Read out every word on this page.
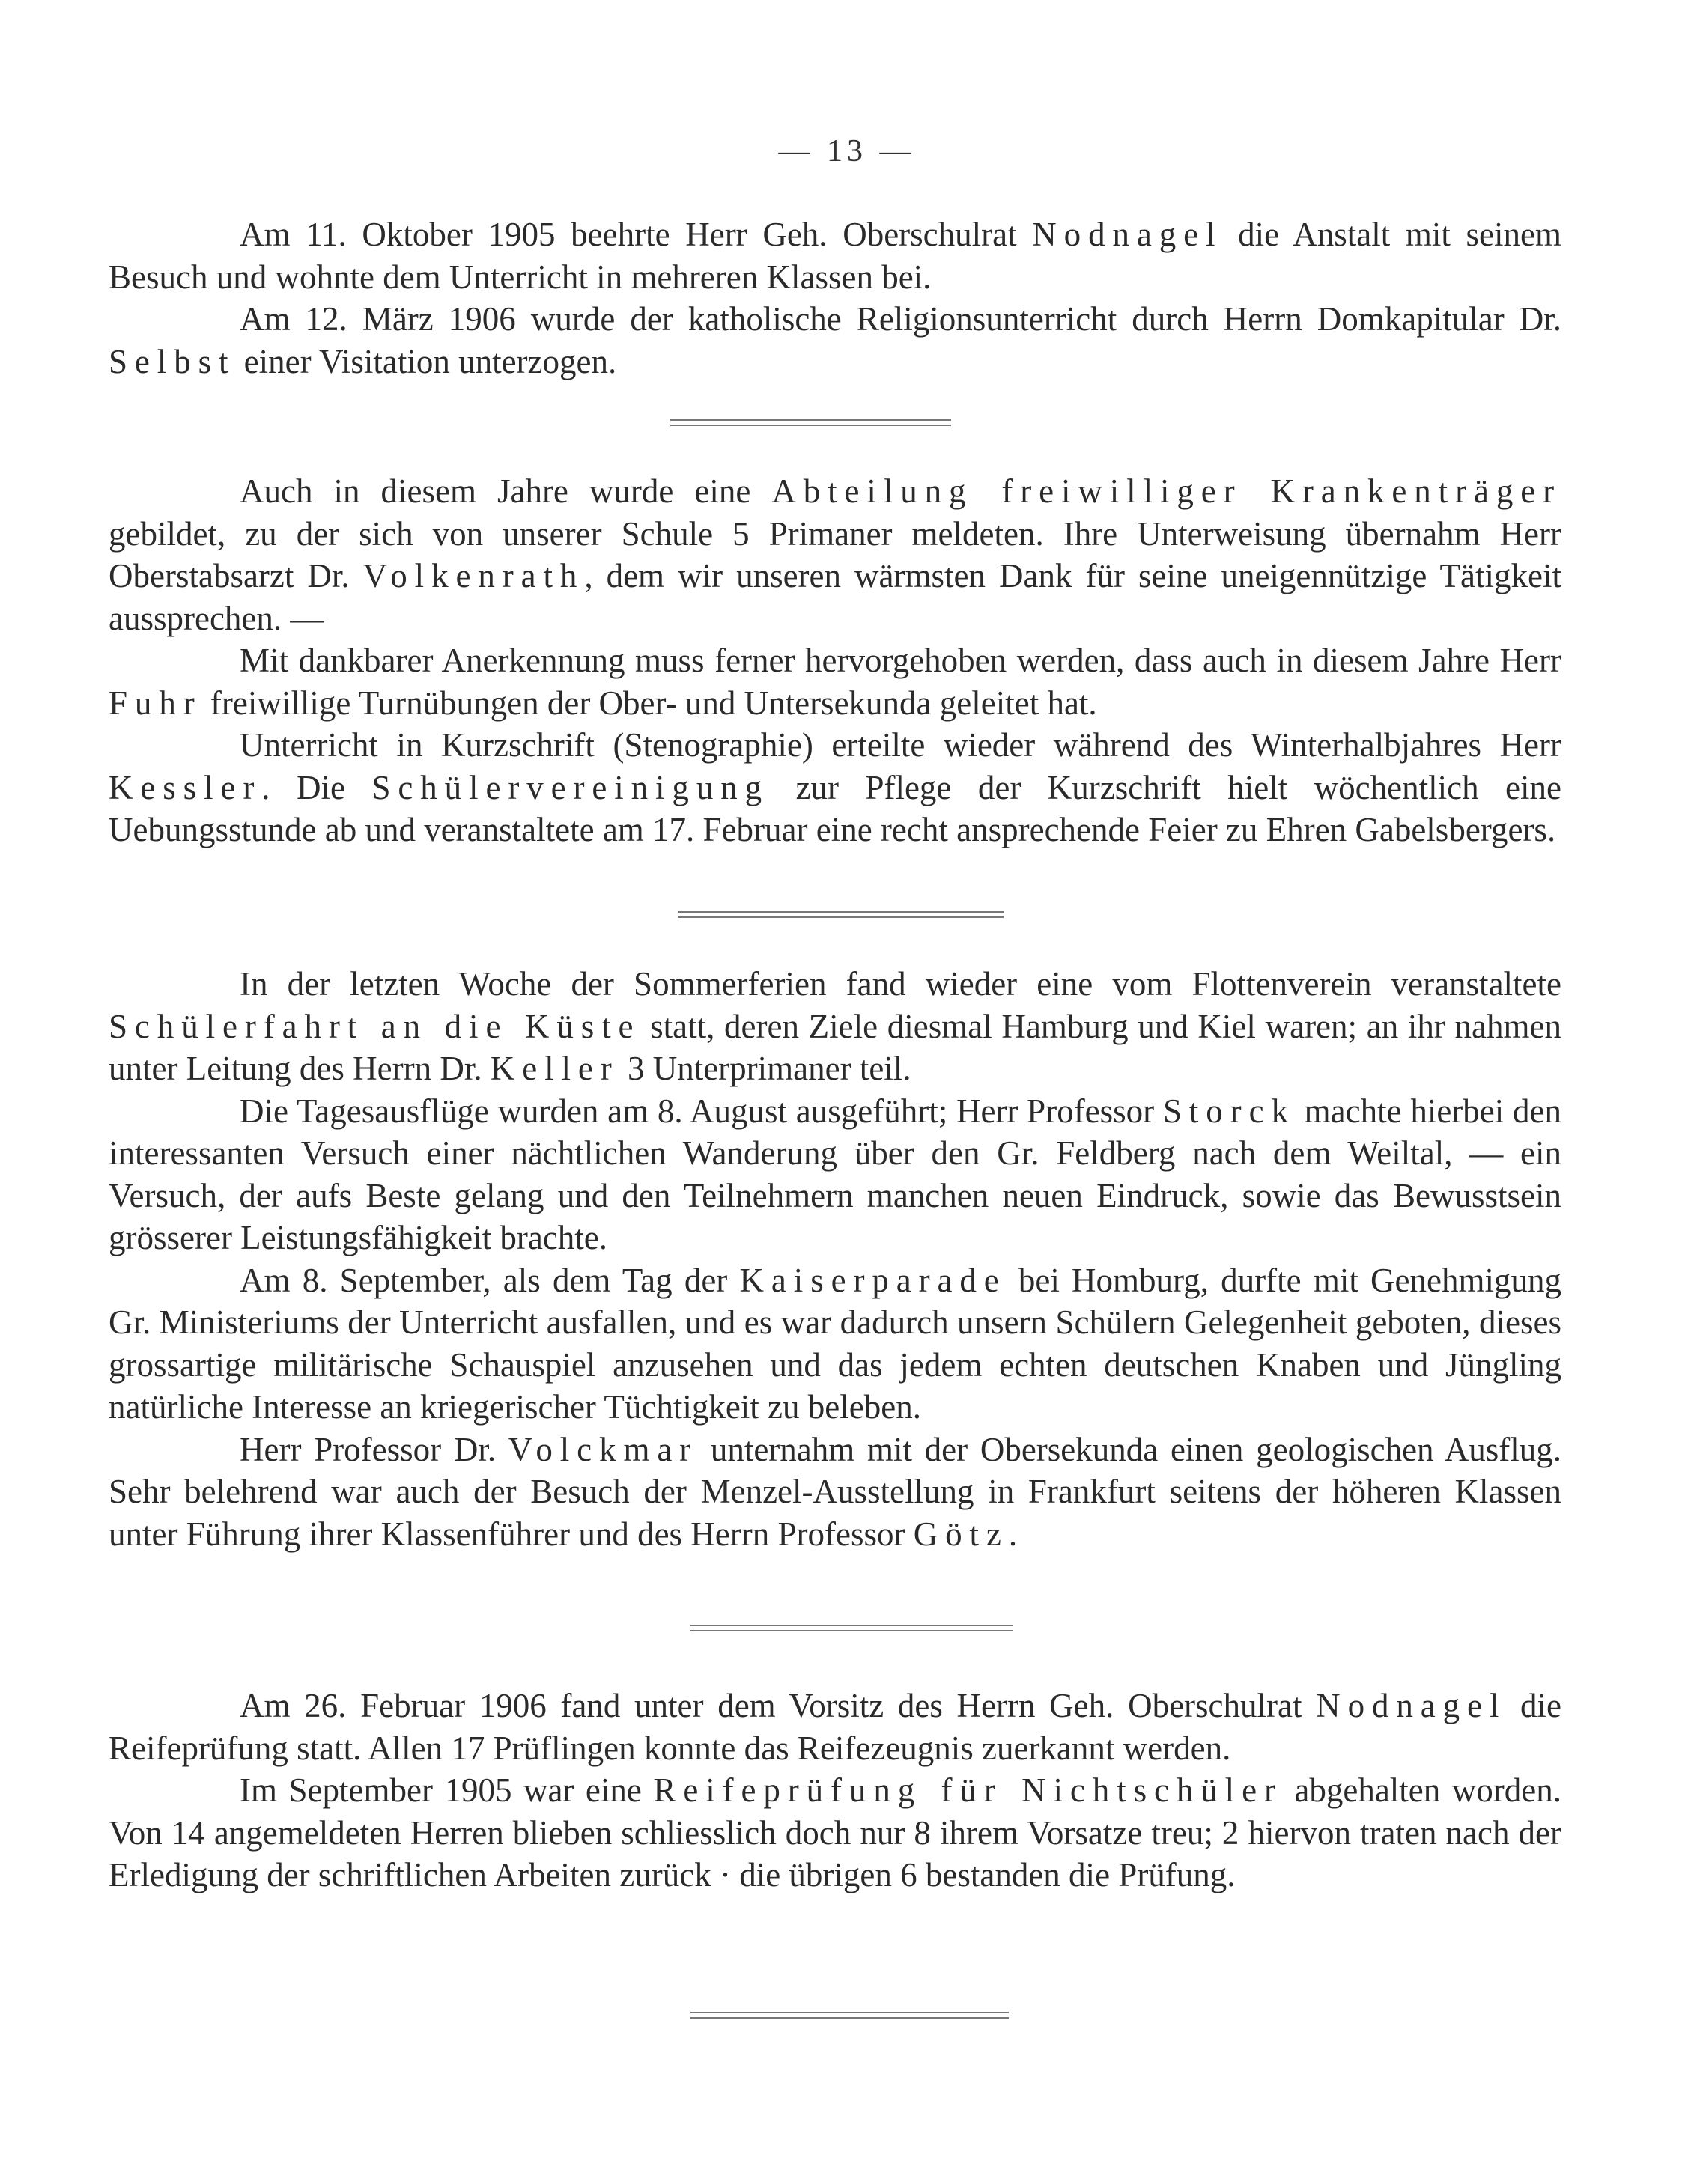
— 13 —

Am 11. Oktober 1905 beehrte Herr Geh. Oberschulrat Nodnagel die Anstalt mit seinem Besuch und wohnte dem Unterricht in mehreren Klassen bei.

Am 12. März 1906 wurde der katholische Religionsunterricht durch Herrn Domkapitular Dr. Selbst einer Visitation unterzogen.

Auch in diesem Jahre wurde eine Abteilung freiwilliger Krankenträger gebildet, zu der sich von unserer Schule 5 Primaner meldeten. Ihre Unterweisung übernahm Herr Oberstabsarzt Dr. Volkenrath, dem wir unseren wärmsten Dank für seine uneigennützige Tätigkeit aussprechen. —

Mit dankbarer Anerkennung muss ferner hervorgehoben werden, dass auch in diesem Jahre Herr Fuhr freiwillige Turnübungen der Ober- und Untersekunda geleitet hat.

Unterricht in Kurzschrift (Stenographie) erteilte wieder während des Winterhalbjahres Herr Kessler. Die Schülervereinigung zur Pflege der Kurzschrift hielt wöchentlich eine Uebungsstunde ab und veranstaltete am 17. Februar eine recht ansprechende Feier zu Ehren Gabelsbergers.

In der letzten Woche der Sommerferien fand wieder eine vom Flottenverein veranstaltete Schülerfahrt an die Küste statt, deren Ziele diesmal Hamburg und Kiel waren; an ihr nahmen unter Leitung des Herrn Dr. Keller 3 Unterprimaner teil.

Die Tagesausflüge wurden am 8. August ausgeführt; Herr Professor Storck machte hierbei den interessanten Versuch einer nächtlichen Wanderung über den Gr. Feldberg nach dem Weiltal, — ein Versuch, der aufs Beste gelang und den Teilnehmern manchen neuen Eindruck, sowie das Bewusstsein grösserer Leistungsfähigkeit brachte.

Am 8. September, als dem Tag der Kaiserparade bei Homburg, durfte mit Genehmigung Gr. Ministeriums der Unterricht ausfallen, und es war dadurch unsern Schülern Gelegenheit geboten, dieses grossartige militärische Schauspiel anzusehen und das jedem echten deutschen Knaben und Jüngling natürliche Interesse an kriegerischer Tüchtigkeit zu beleben.

Herr Professor Dr. Volckmar unternahm mit der Obersekunda einen geologischen Ausflug. Sehr belehrend war auch der Besuch der Menzel-Ausstellung in Frankfurt seitens der höheren Klassen unter Führung ihrer Klassenführer und des Herrn Professor Götz.

Am 26. Februar 1906 fand unter dem Vorsitz des Herrn Geh. Oberschulrat Nodnagel die Reifeprüfung statt. Allen 17 Prüflingen konnte das Reifezeugnis zuerkannt werden.

Im September 1905 war eine Reifeprüfung für Nichtschüler abgehalten worden. Von 14 angemeldeten Herren blieben schliesslich doch nur 8 ihrem Vorsatze treu; 2 hiervon traten nach der Erledigung der schriftlichen Arbeiten zurück · die übrigen 6 bestanden die Prüfung.
